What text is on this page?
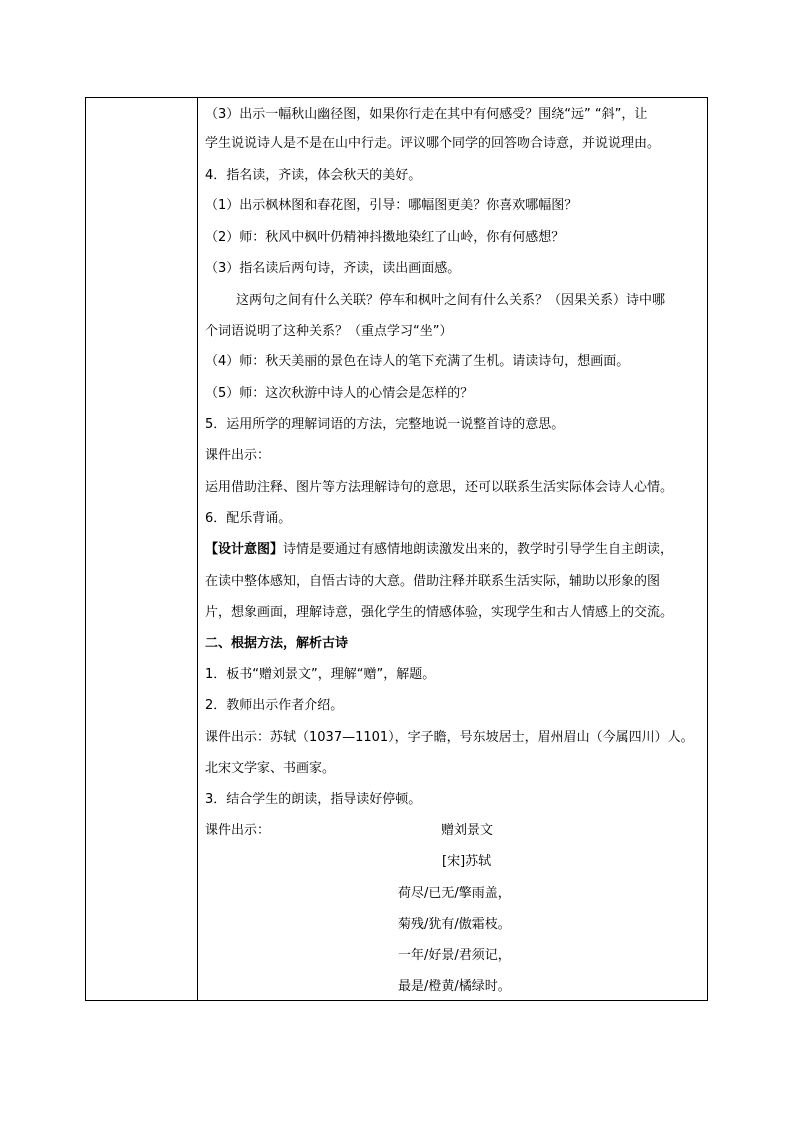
（3）出示一幅秋山幽径图，如果你行走在其中有何感受？围绕“远” “斜”，让
学生说说诗人是不是在山中行走。评议哪个同学的回答吻合诗意，并说说理由。
4．指名读，齐读，体会秋天的美好。
（1）出示枫林图和春花图，引导：哪幅图更美？你喜欢哪幅图？
（2）师：秋风中枫叶仍精神抖擞地染红了山岭，你有何感想？
（3）指名读后两句诗，齐读，读出画面感。
这两句之间有什么关联？停车和枫叶之间有什么关系？（因果关系）诗中哪
个词语说明了这种关系？（重点学习“坐”）
（4）师：秋天美丽的景色在诗人的笔下充满了生机。请读诗句，想画面。
（5）师：这次秋游中诗人的心情会是怎样的？
5．运用所学的理解词语的方法，完整地说一说整首诗的意思。
课件出示：
运用借助注释、图片等方法理解诗句的意思，还可以联系生活实际体会诗人心情。
6．配乐背诵。
【设计意图】诗情是要通过有感情地朗读激发出来的，教学时引导学生自主朗读，
在读中整体感知，自悟古诗的大意。借助注释并联系生活实际，辅助以形象的图
片，想象画面，理解诗意，强化学生的情感体验，实现学生和古人情感上的交流。
二、根据方法，解析古诗
1．板书“赠刘景文”，理解“赠”，解题。
2．教师出示作者介绍。
课件出示：苏轼（1037—1101），字子瞻，号东坡居士，眉州眉山（今属四川）人。
北宋文学家、书画家。
3．结合学生的朗读，指导读好停顿。
课件出示：	赠刘景文
[宋]苏轼
荷尽/已无/擎雨盖，
菊残/犹有/傲霜枝。
一年/好景/君须记，
最是/橙黄/橘绿时。
